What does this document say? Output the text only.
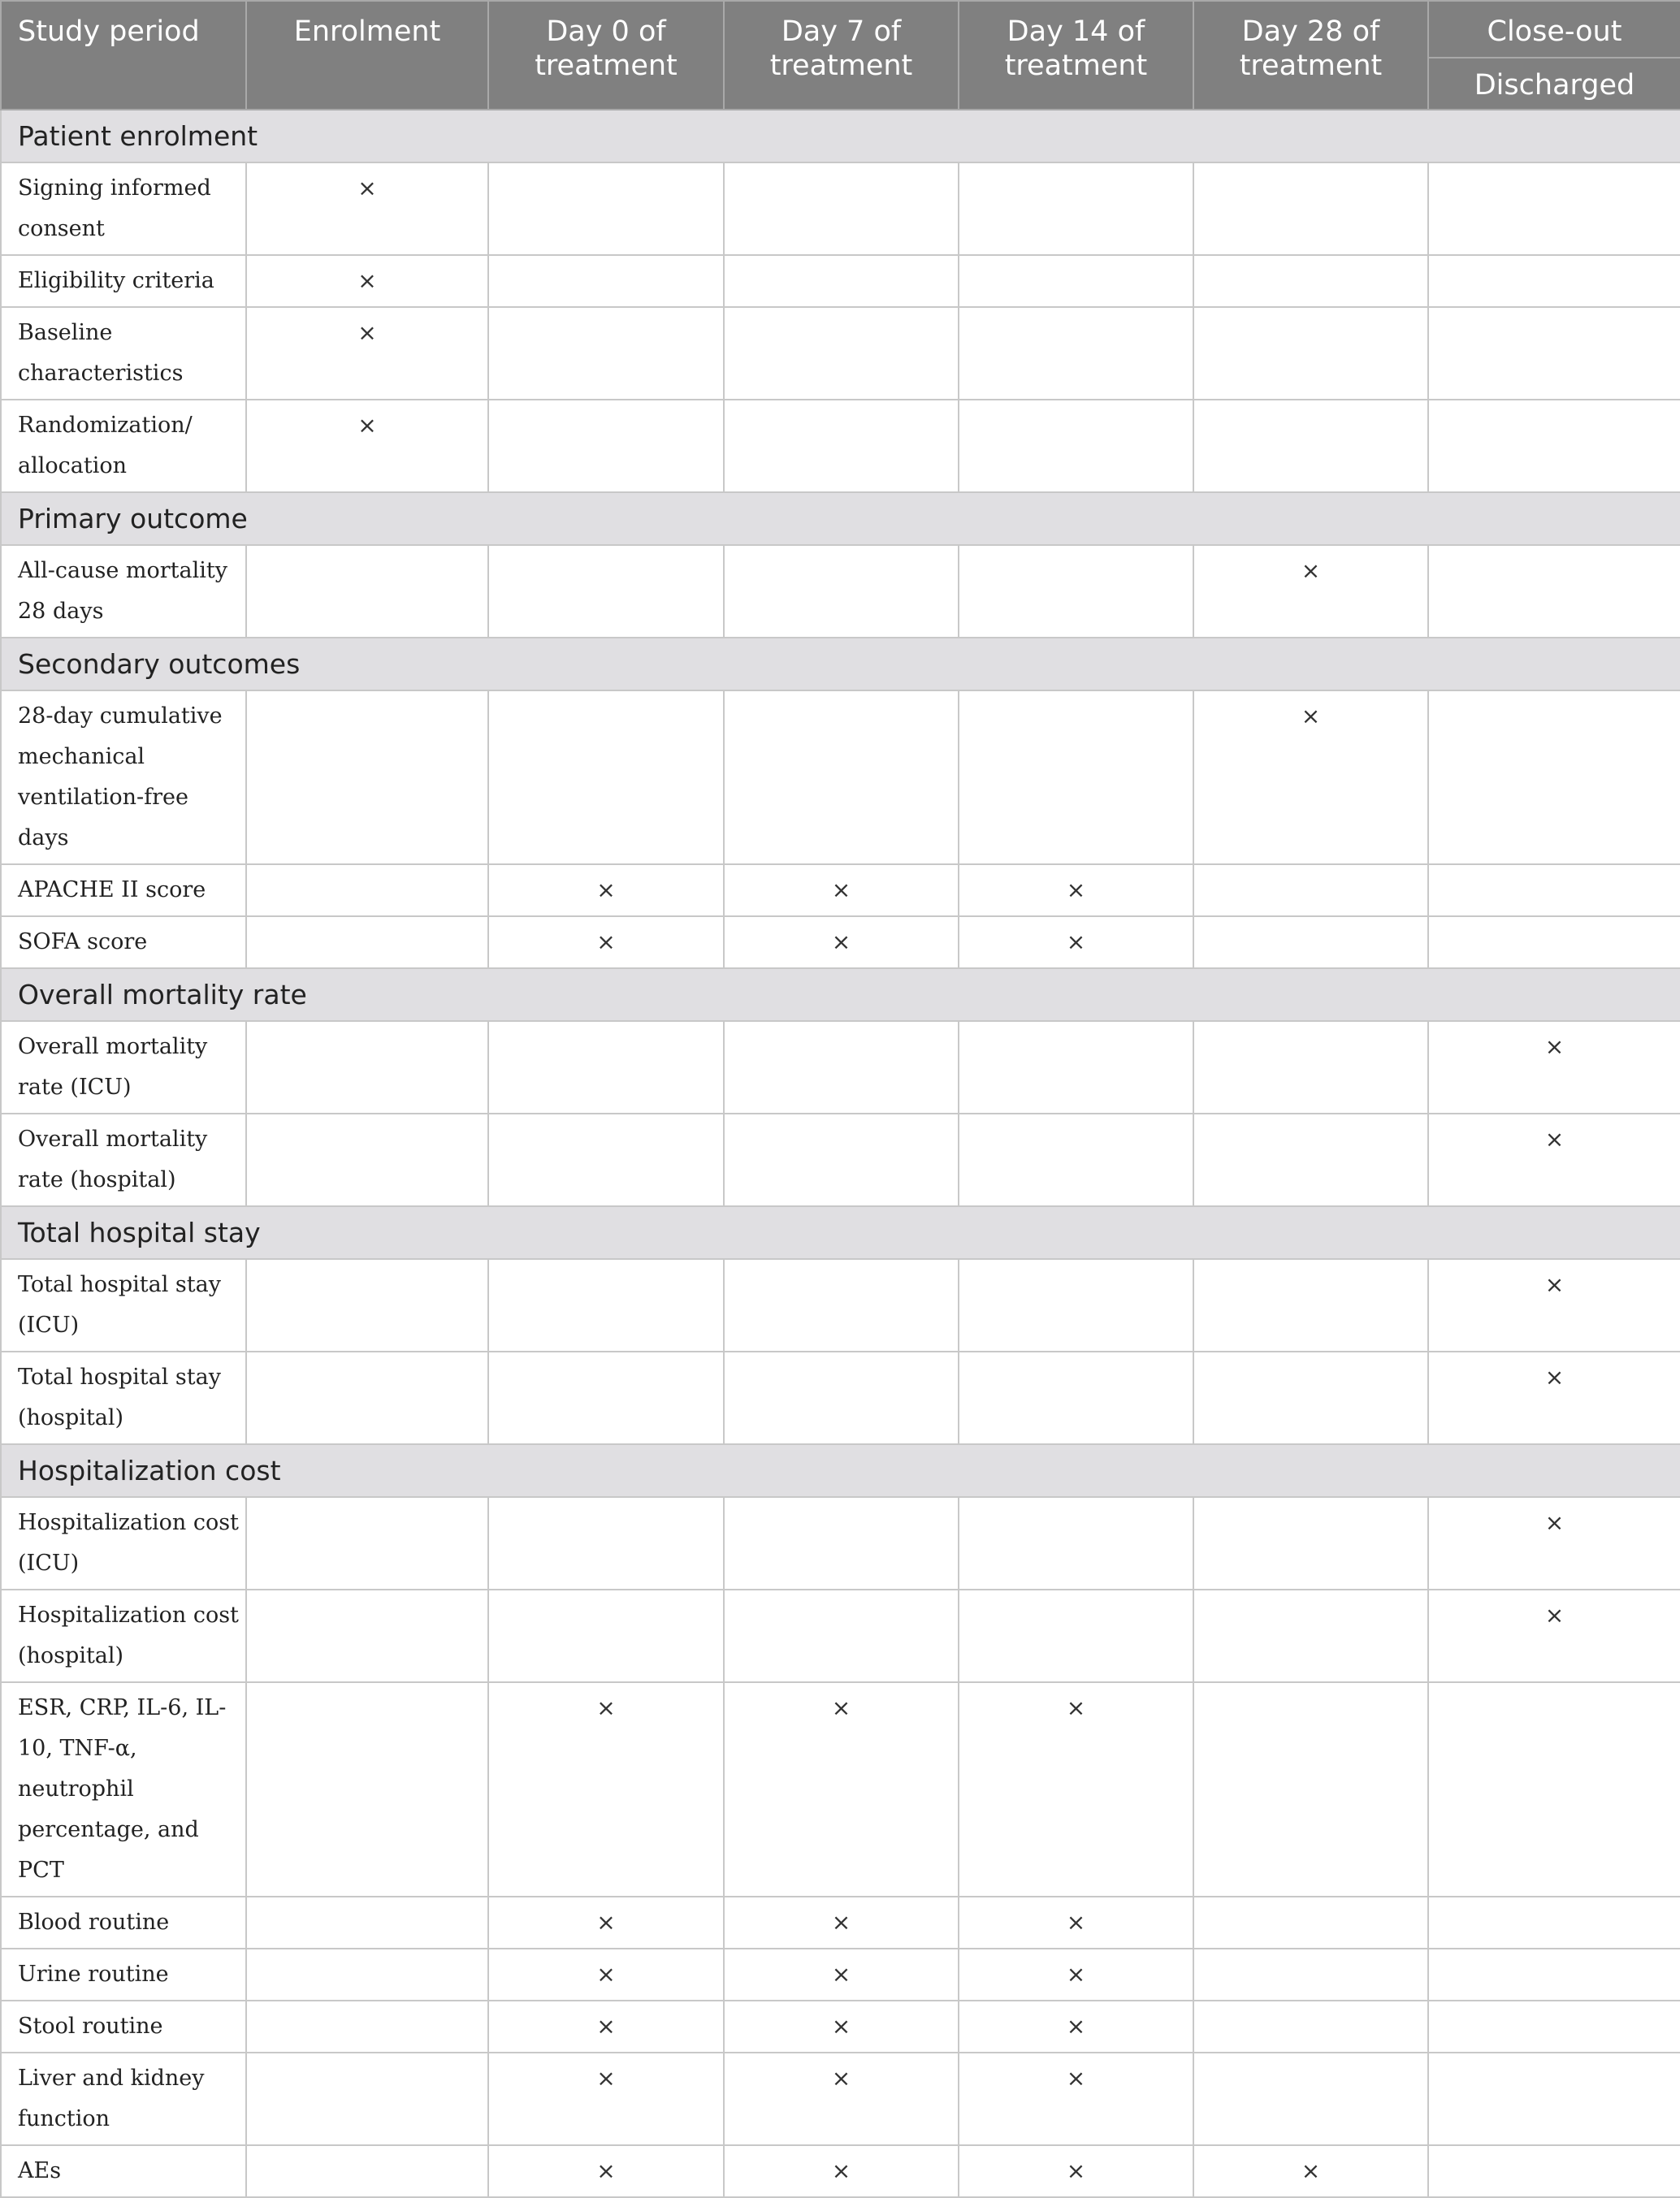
Study period	Enrolment	Day 0 of treatment	Day 7 of treatment	Day 14 of treatment	Day 28 of treatment	Close-out

						Discharged

Patient enrolment						
Signing informed consent	×					
Eligibility criteria	×					
Baseline characteristics	×					
Randomization/ allocation	×					
Primary outcome						
All-cause mortality 28 days					×	
Secondary outcomes						
28-day cumulative mechanical ventilation-free days					×	
APACHE II score		×	×	×		
SOFA score		×	×	×		
Overall mortality rate						
Overall mortality rate (ICU)						×
Overall mortality rate (hospital)						×
Total hospital stay						
Total hospital stay (ICU)						×
Total hospital stay (hospital)						×
Hospitalization cost						
Hospitalization cost (ICU)						×
Hospitalization cost (hospital)						×
ESR, CRP, IL-6, IL-10, TNF-α, neutrophil percentage, and PCT		×	×	×		
Blood routine		×	×	×		
Urine routine		×	×	×		
Stool routine		×	×	×		
Liver and kidney function		×	×	×		
AEs		×	×	×	×	
